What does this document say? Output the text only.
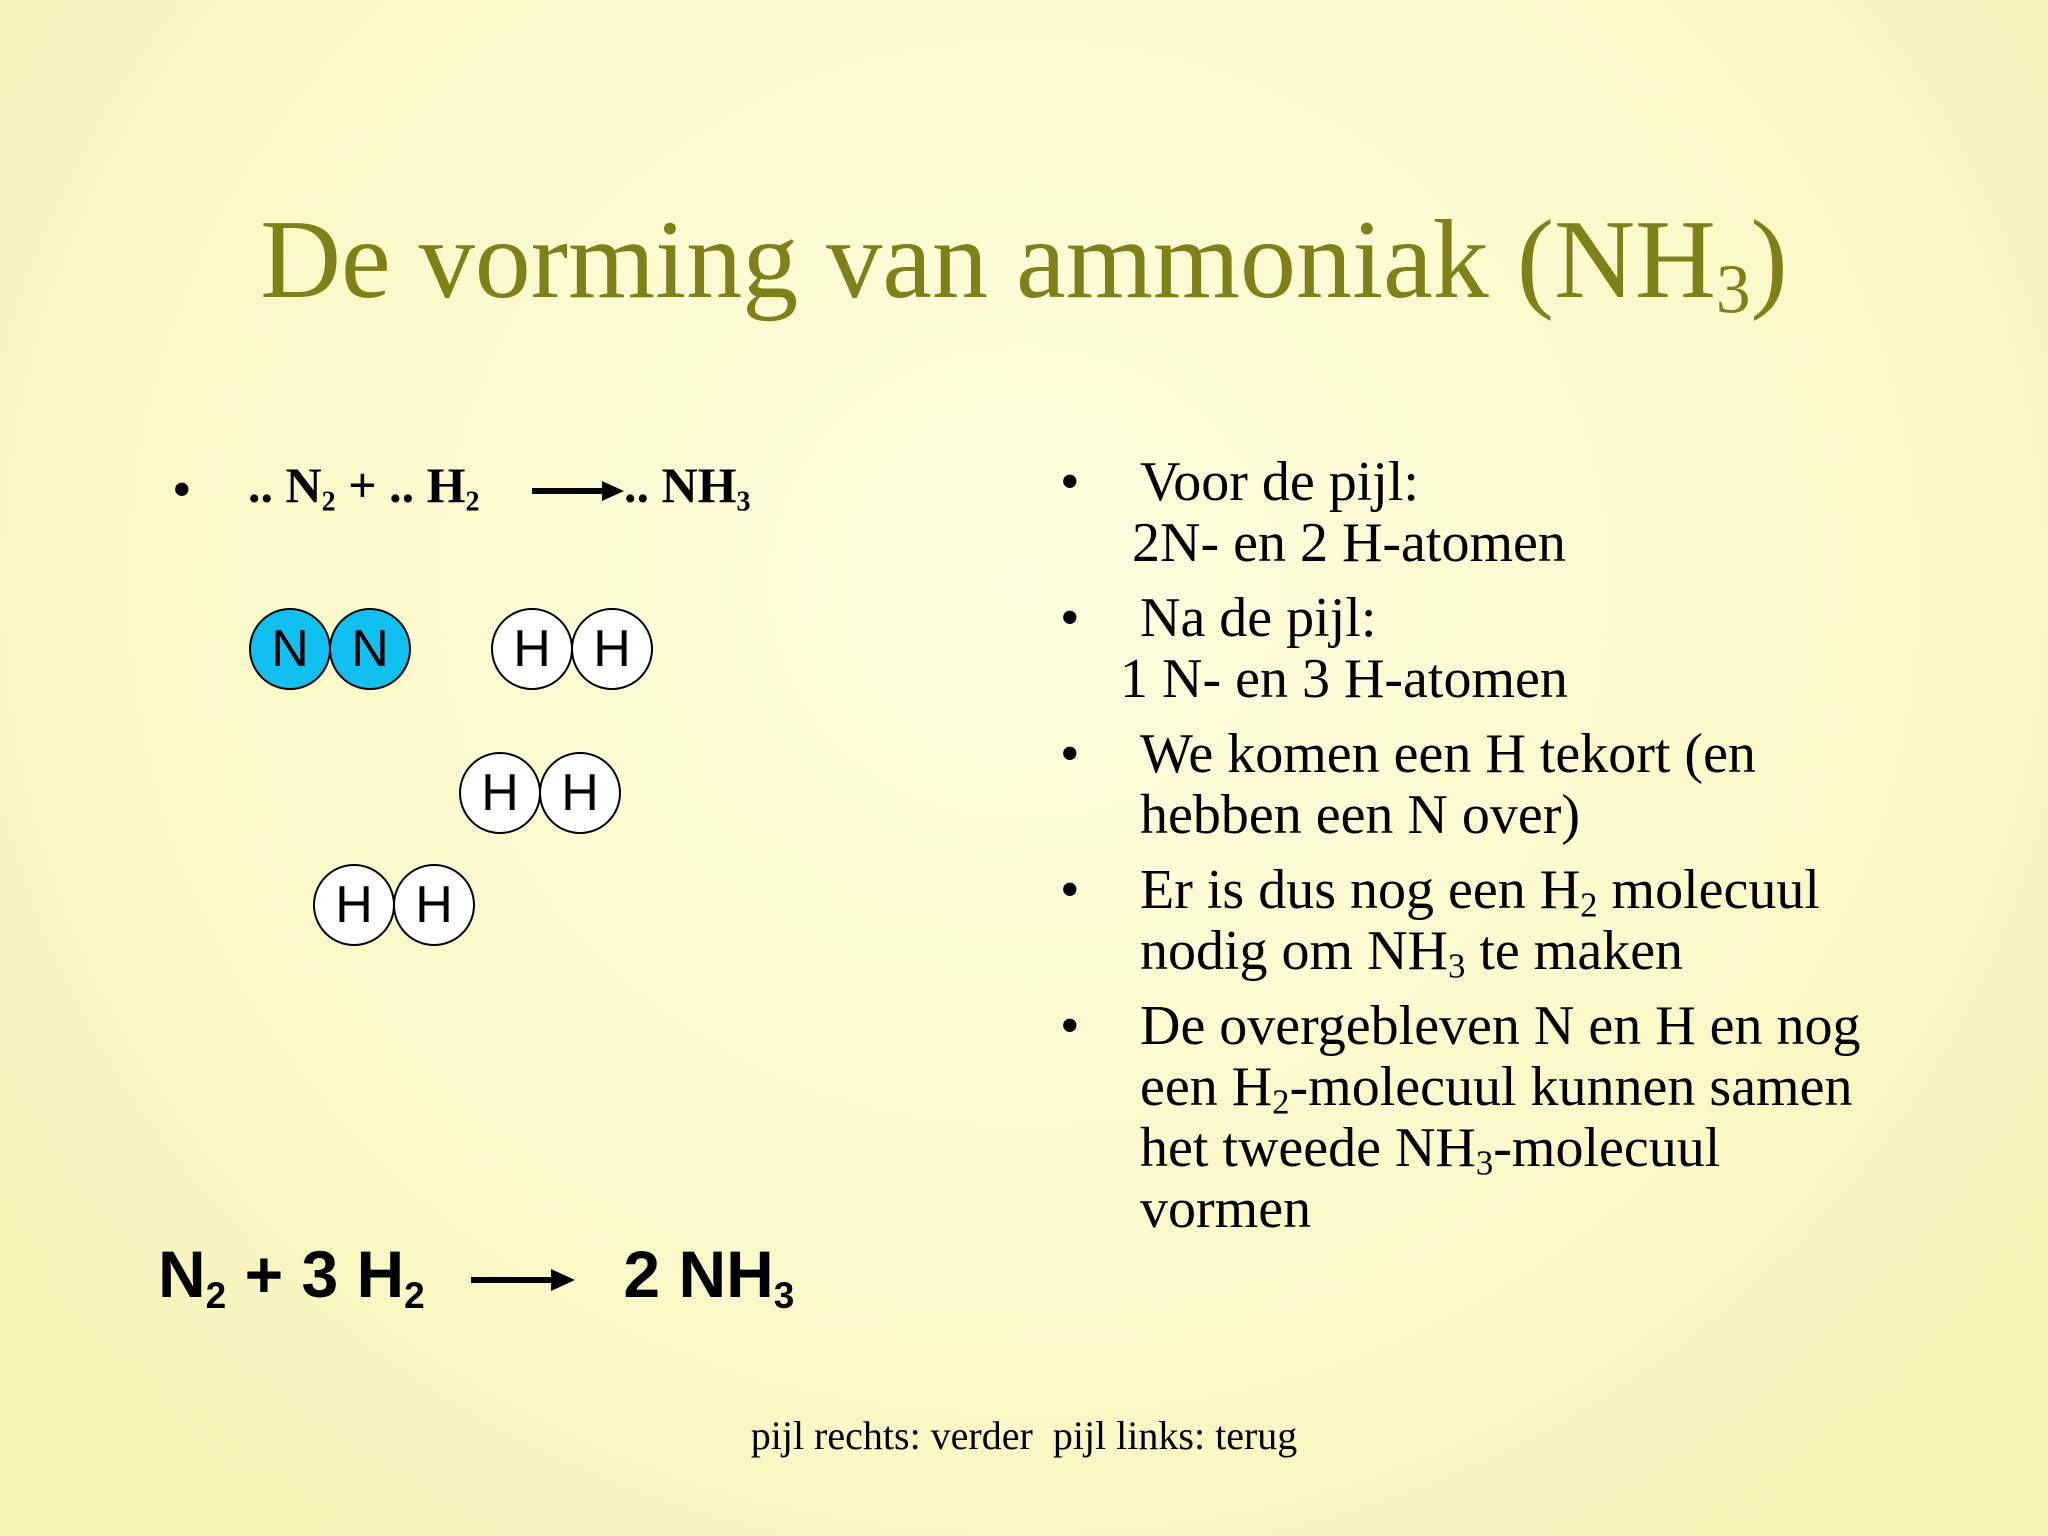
De vorming van ammoniak $(NH_3)$
• .. $N_2$ + .. $H_2$	.. $NH_3$
N N	H H
H H
H H
$N_2 + 3$ $H_2$	2 $NH_3$
• Voor de pijl:
2N- en 2 H-atomen
• Na de pijl:
1 N- en 3 H-atomen
• We komen een H tekort (en
hebben een N over)
• Er is dus nog een $H_2$ molecuul
nodig om $NH_3$ te maken
• De overgebleven N en H en nog
een $H_2$-molecuul kunnen samen
het tweede $NH_3$-molecuul
vormen
pijl rechts: verder  pijl links: terug
